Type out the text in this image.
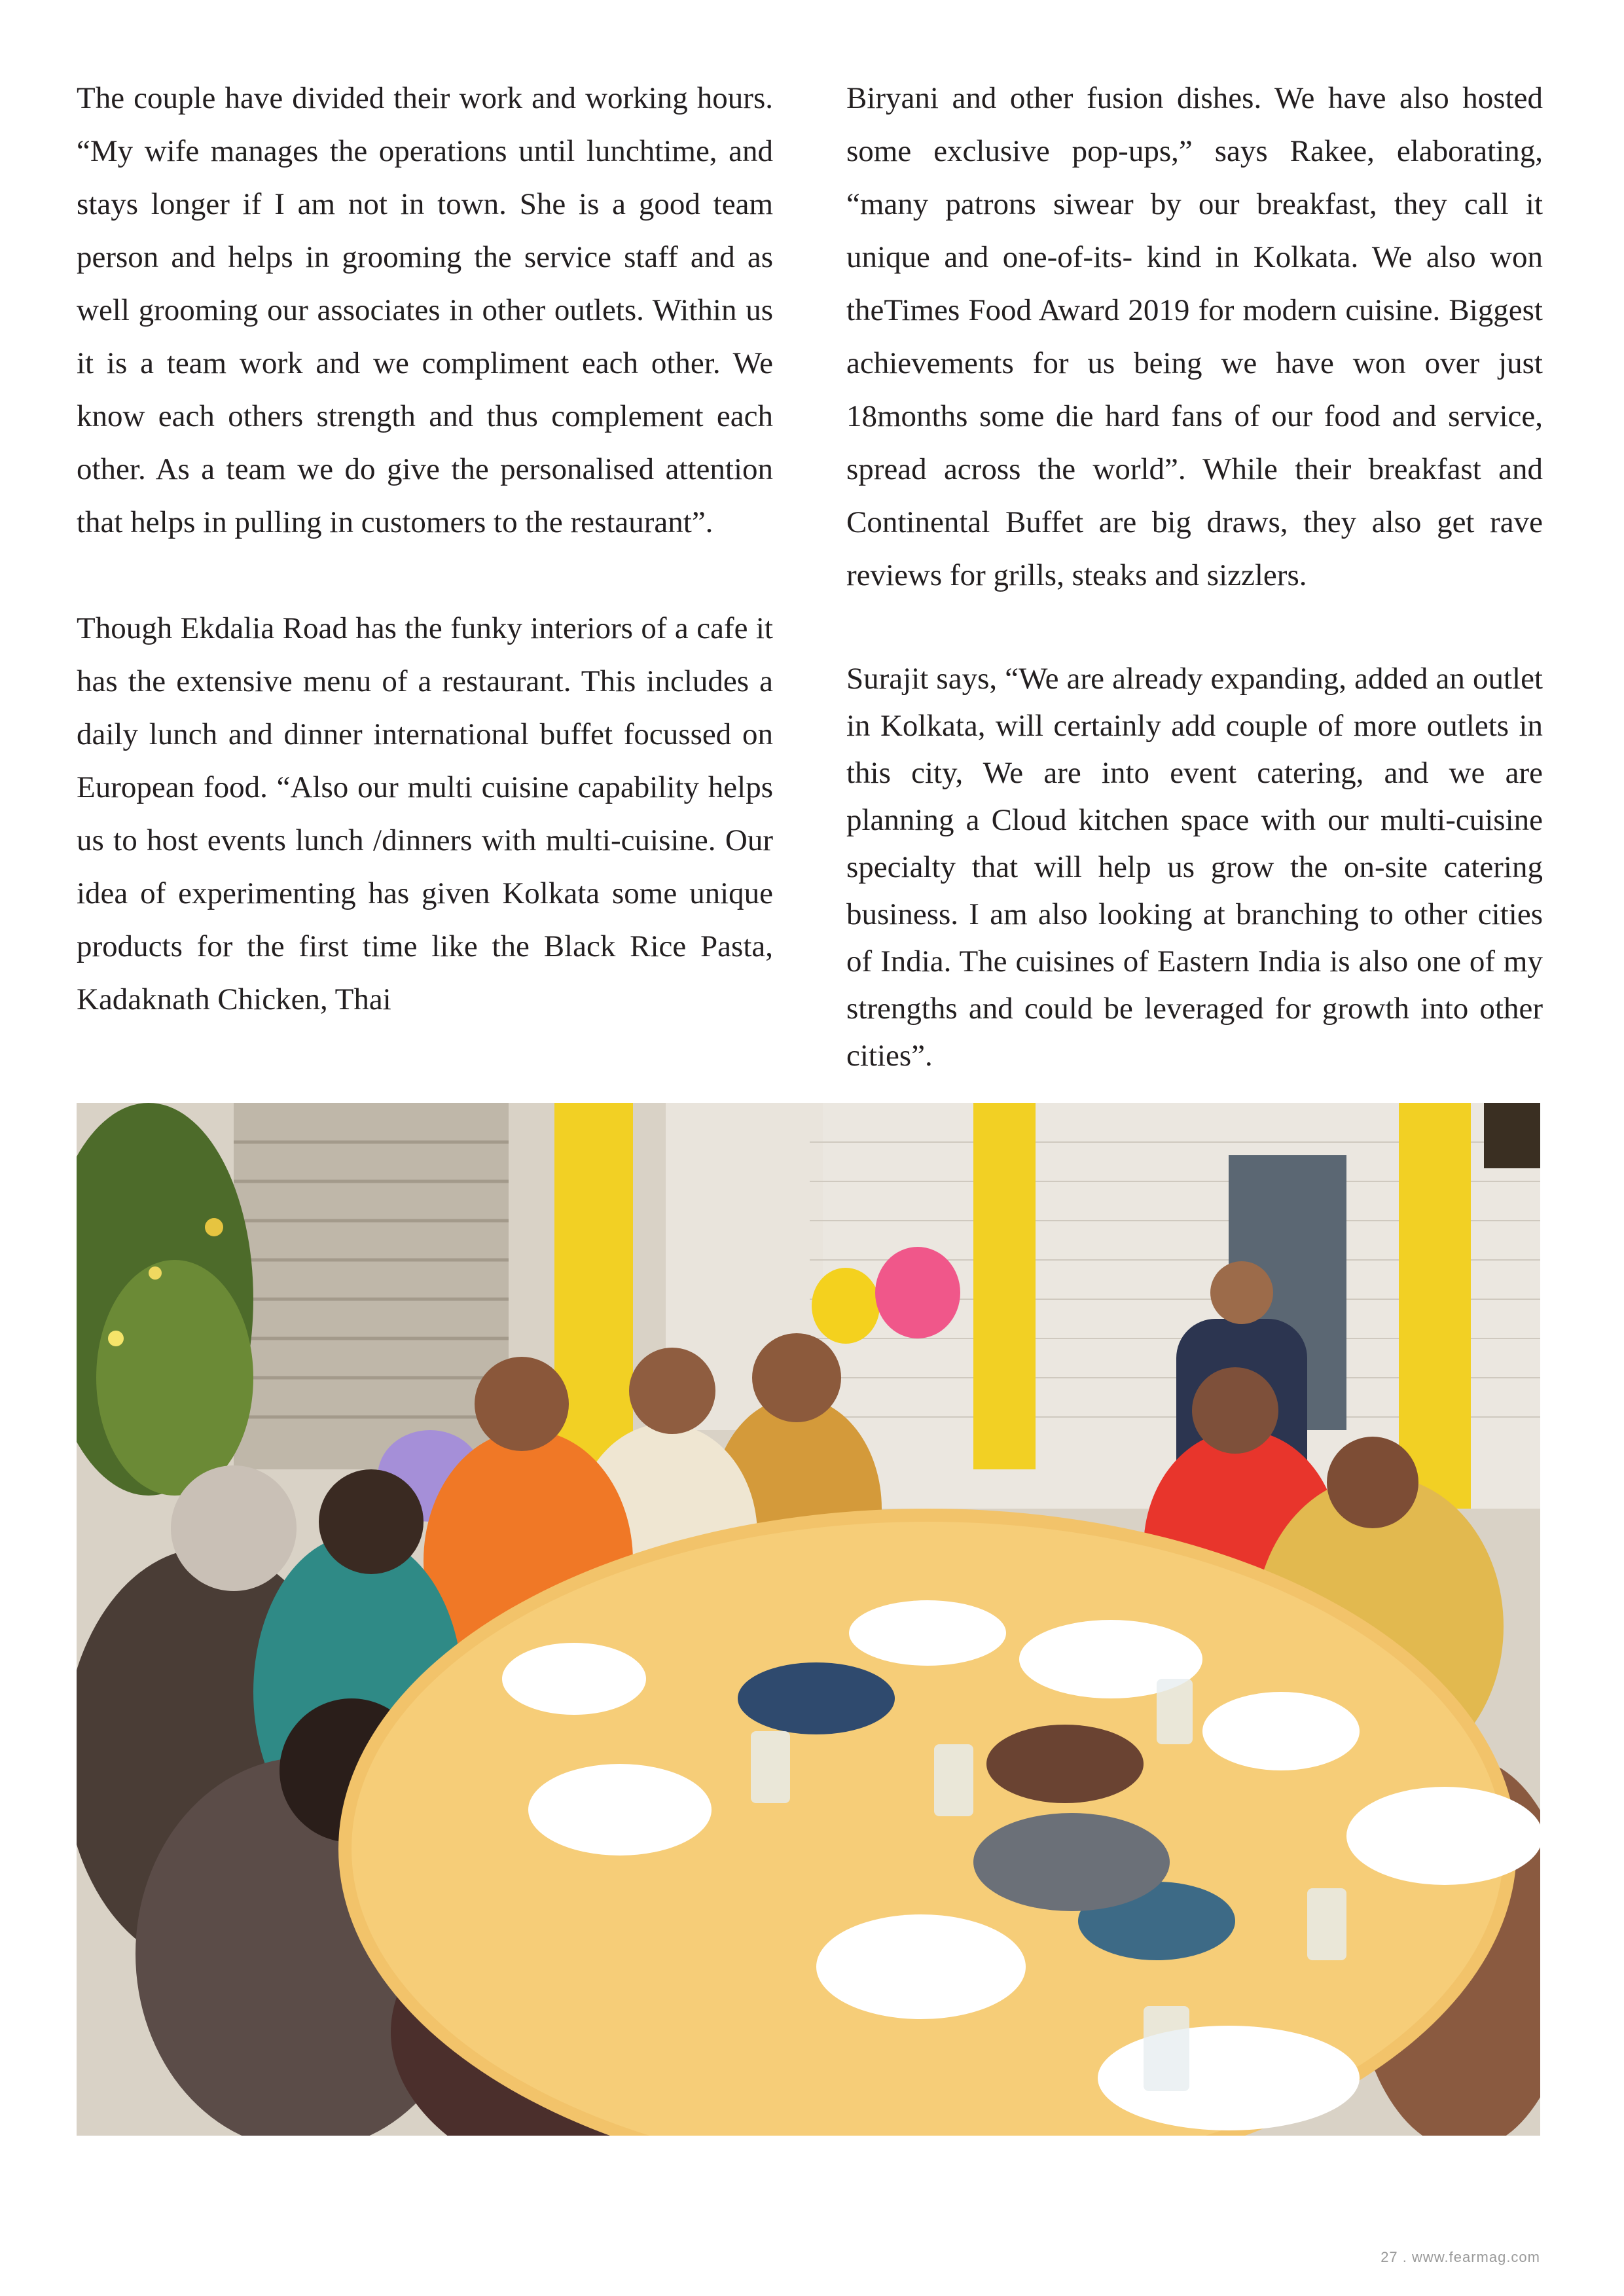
The couple have divided their work and working hours. “My wife manages the operations until lunchtime, and stays longer if I am not in town. She is a good team person and helps in grooming the service staff and as well grooming our associates in other outlets. Within us it is a team work and we compliment each other. We know each others strength and thus complement each other. As a team we do give the personalised attention that helps in pulling in customers to the restaurant”.

Though Ekdalia Road has the funky interiors of a cafe it has the extensive menu of a restaurant. This includes a daily lunch and dinner international buffet focussed on European food. “Also our multi cuisine capability helps us to host events lunch /dinners with multi-cuisine. Our idea of experimenting has given Kolkata some unique products for the first time like the Black Rice Pasta, Kadaknath Chicken, Thai

Biryani and other fusion dishes. We have also hosted some exclusive pop-ups,” says Rakee, elaborating, “many patrons siwear by our breakfast, they call it unique and one-of-its- kind in Kolkata. We also won theTimes Food Award 2019 for modern cuisine. Biggest achievements for us being we have won over just 18months some die hard fans of our food and service, spread across the world”. While their breakfast and Continental Buffet are big draws, they also get rave reviews for grills, steaks and sizzlers.

Surajit says, “We are already expanding, added an outlet in Kolkata, will certainly add couple of more outlets in this city, We are into event catering, and we are planning a Cloud kitchen space with our multi-cuisine specialty that will help us grow the on-site catering business. I am also looking at branching to other cities of India. The cuisines of Eastern India is also one of my strengths and could be leveraged for growth into other cities”.

27 . www.fearmag.com
